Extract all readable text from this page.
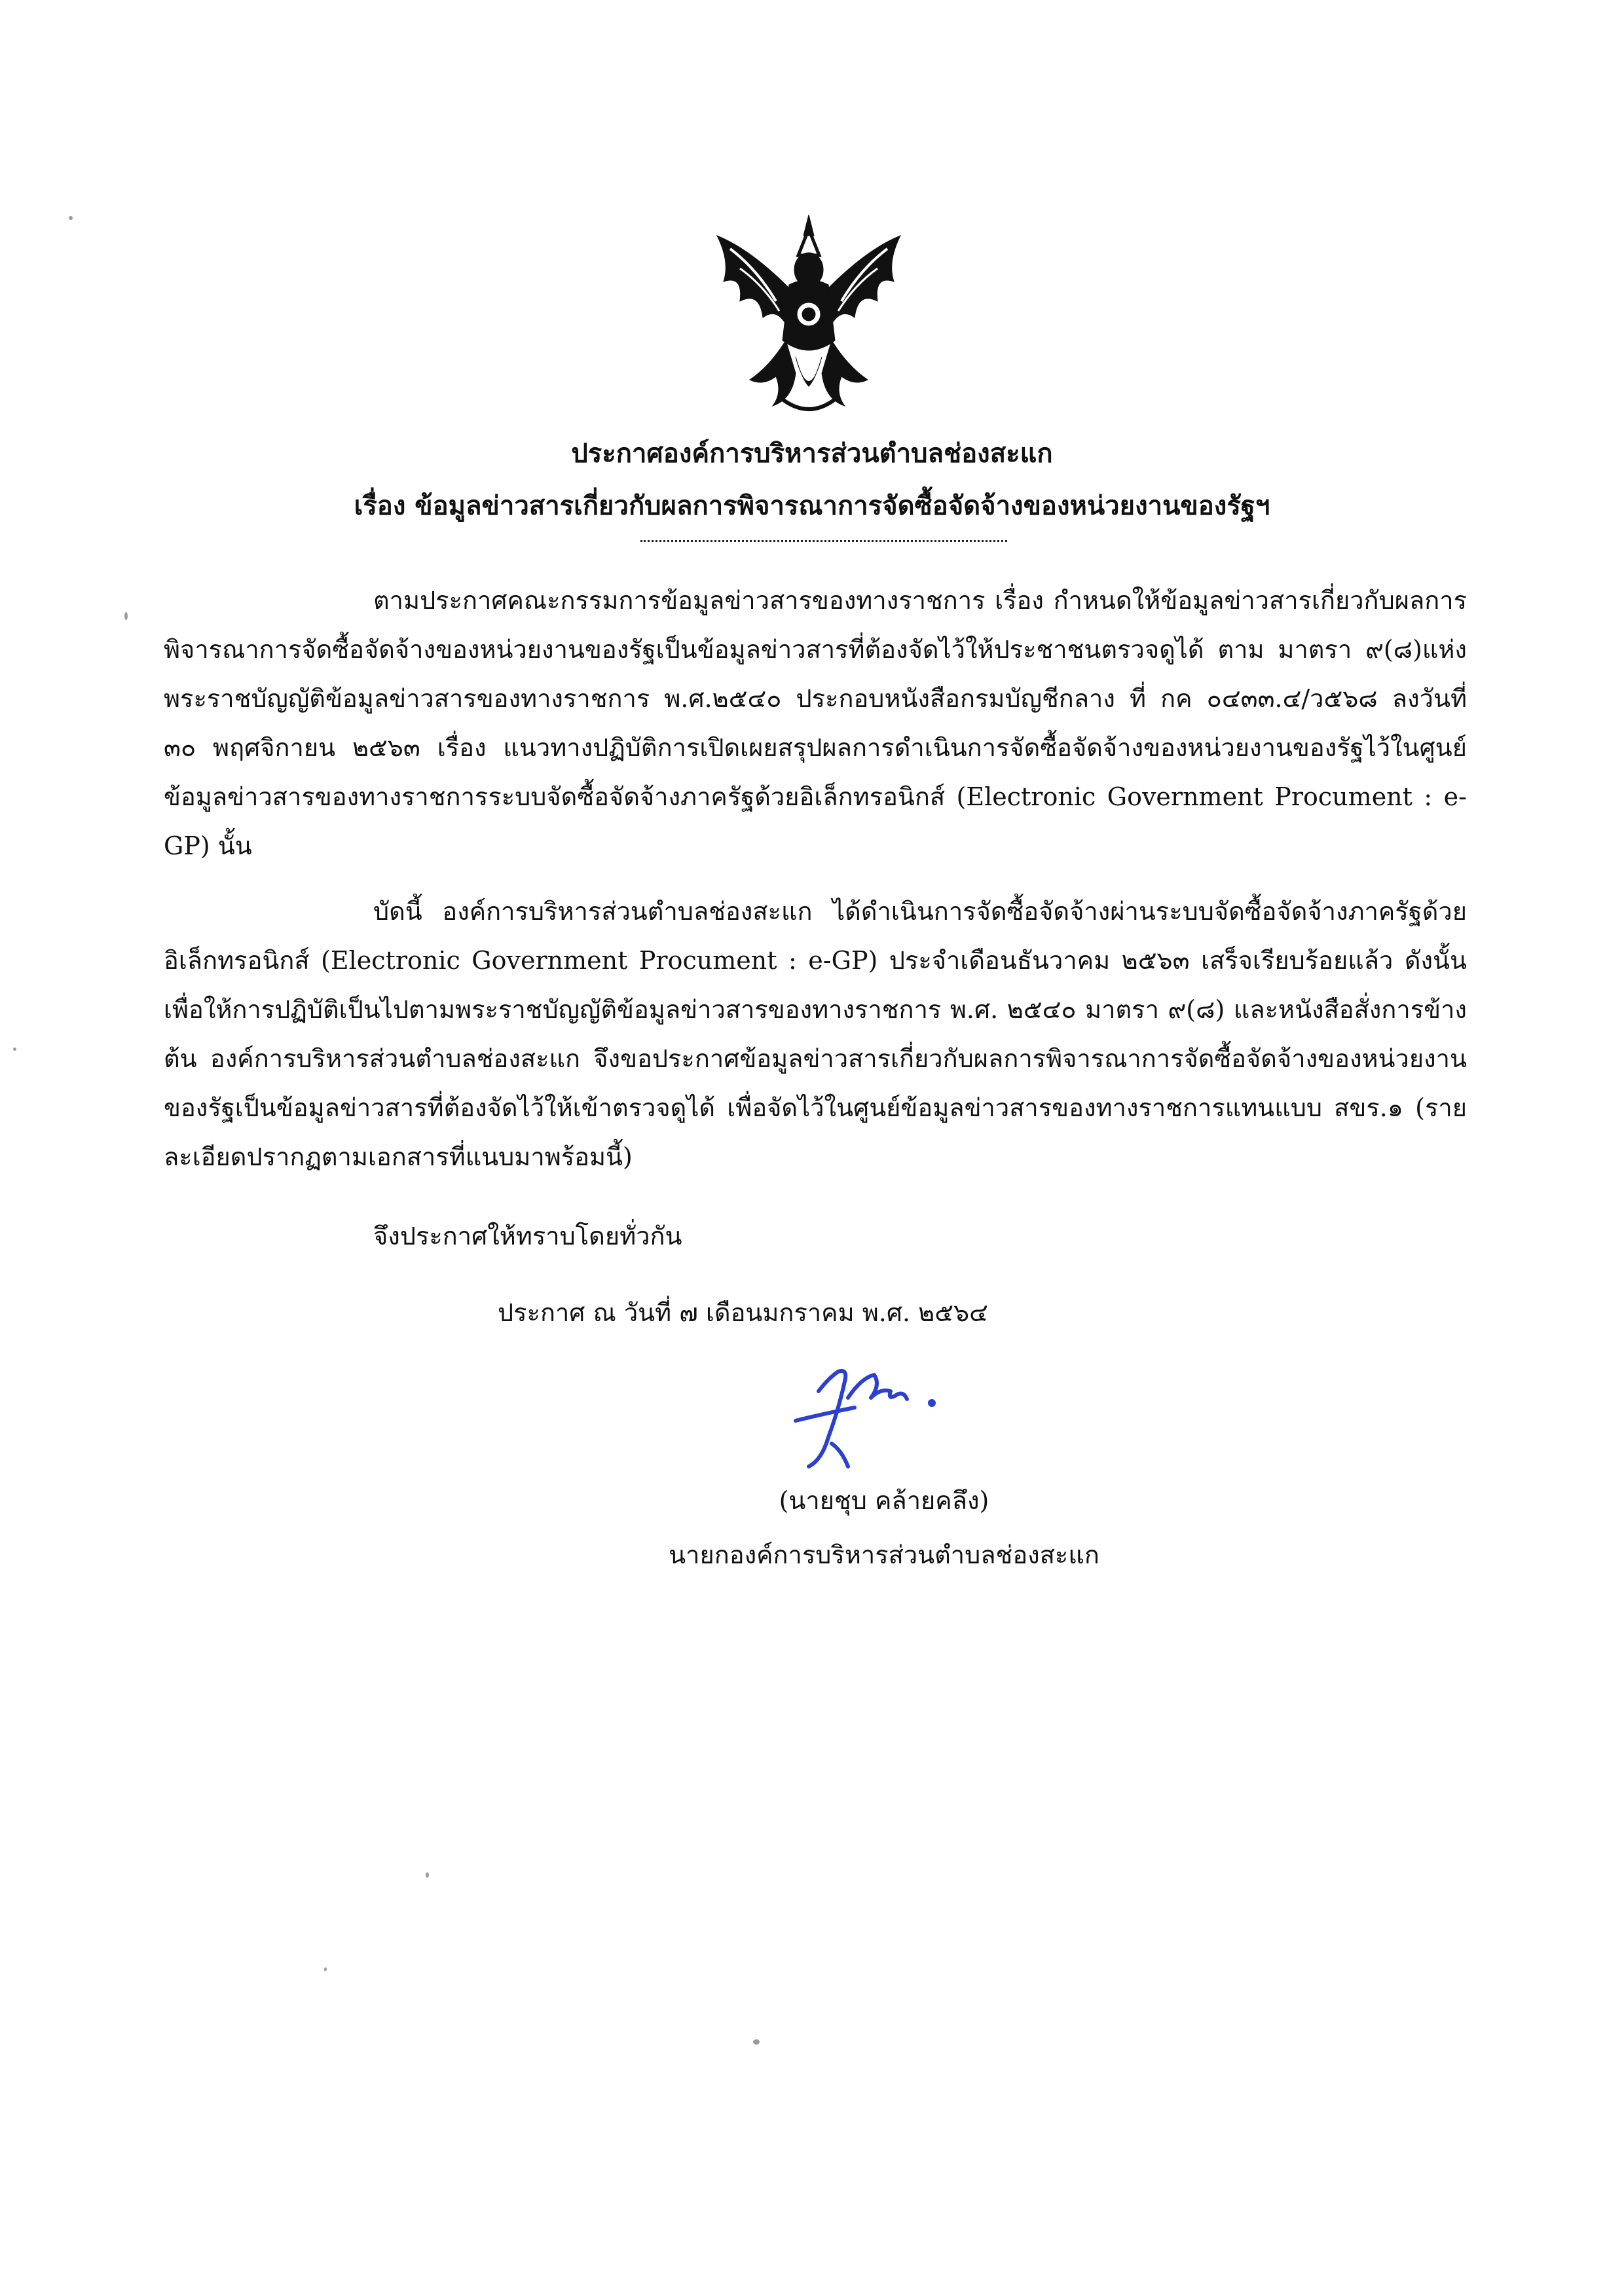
ประกาศองค์การบริหารส่วนตำบลช่องสะแก
เรื่อง ข้อมูลข่าวสารเกี่ยวกับผลการพิจารณาการจัดซื้อจัดจ้างของหน่วยงานของรัฐฯ

ตามประกาศคณะกรรมการข้อมูลข่าวสารของทางราชการ เรื่อง กำหนดให้ข้อมูลข่าวสารเกี่ยวกับผลการพิจารณาการจัดซื้อจัดจ้างของหน่วยงานของรัฐเป็นข้อมูลข่าวสารที่ต้องจัดไว้ให้ประชาชนตรวจดูได้ ตาม มาตรา ๙(๘)แห่งพระราชบัญญัติข้อมูลข่าวสารของทางราชการ พ.ศ.๒๕๔๐ ประกอบหนังสือกรมบัญชีกลาง ที่ กค ๐๔๓๓.๔/ว๕๖๘ ลงวันที่ ๓๐ พฤศจิกายน ๒๕๖๓ เรื่อง แนวทางปฏิบัติการเปิดเผยสรุปผลการดำเนินการจัดซื้อจัดจ้างของหน่วยงานของรัฐไว้ในศูนย์ข้อมูลข่าวสารของทางราชการระบบจัดซื้อจัดจ้างภาครัฐด้วยอิเล็กทรอนิกส์ (Electronic Government Procument : e-GP) นั้น

บัดนี้ องค์การบริหารส่วนตำบลช่องสะแก ได้ดำเนินการจัดซื้อจัดจ้างผ่านระบบจัดซื้อจัดจ้างภาครัฐด้วยอิเล็กทรอนิกส์ (Electronic Government Procument : e-GP) ประจำเดือนธันวาคม ๒๕๖๓ เสร็จเรียบร้อยแล้ว ดังนั้น เพื่อให้การปฏิบัติเป็นไปตามพระราชบัญญัติข้อมูลข่าวสารของทางราชการ พ.ศ. ๒๕๔๐ มาตรา ๙(๘) และหนังสือสั่งการข้างต้น องค์การบริหารส่วนตำบลช่องสะแก จึงขอประกาศข้อมูลข่าวสารเกี่ยวกับผลการพิจารณาการจัดซื้อจัดจ้างของหน่วยงานของรัฐเป็นข้อมูลข่าวสารที่ต้องจัดไว้ให้เข้าตรวจดูได้ เพื่อจัดไว้ในศูนย์ข้อมูลข่าวสารของทางราชการแทนแบบ สขร.๑ (รายละเอียดปรากฏตามเอกสารที่แนบมาพร้อมนี้)

จึงประกาศให้ทราบโดยทั่วกัน
ประกาศ ณ วันที่ ๗ เดือนมกราคม พ.ศ. ๒๕๖๔
(นายชุบ คล้ายคลึง)
นายกองค์การบริหารส่วนตำบลช่องสะแก
